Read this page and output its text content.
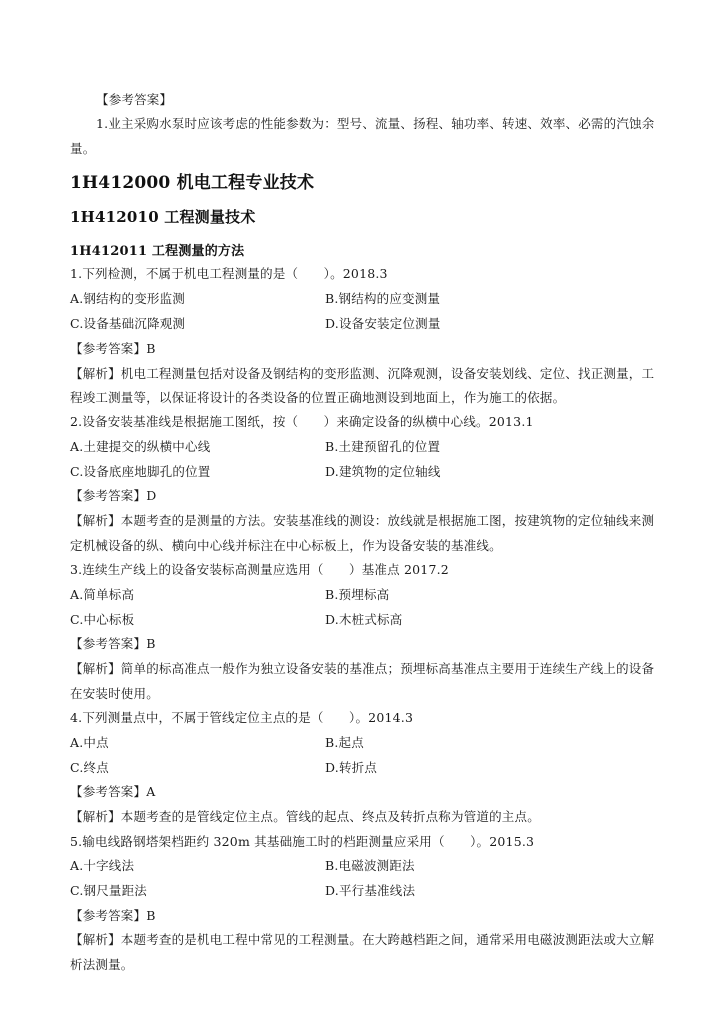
【参考答案】
1.业主采购水泵时应该考虑的性能参数为：型号、流量、扬程、轴功率、转速、效率、必需的汽蚀余
量。
1H412000 机电工程专业技术
1H412010 工程测量技术
1H412011 工程测量的方法
1.下列检测，不属于机电工程测量的是（　　）。2018.3
A.钢结构的变形监测	B.钢结构的应变测量
C.设备基础沉降观测	D.设备安装定位测量
【参考答案】B
【解析】机电工程测量包括对设备及钢结构的变形监测、沉降观测，设备安装划线、定位、找正测量，工
程竣工测量等，以保证将设计的各类设备的位置正确地测设到地面上，作为施工的依据。
2.设备安装基准线是根据施工图纸，按（　　）来确定设备的纵横中心线。2013.1
A.土建提交的纵横中心线	B.土建预留孔的位置
C.设备底座地脚孔的位置	D.建筑物的定位轴线
【参考答案】D
【解析】本题考查的是测量的方法。安装基准线的测设：放线就是根据施工图，按建筑物的定位轴线来测
定机械设备的纵、横向中心线并标注在中心标板上，作为设备安装的基准线。
3.连续生产线上的设备安装标高测量应选用（　　）基准点 2017.2
A.简单标高	B.预埋标高
C.中心标板	D.木桩式标高
【参考答案】B
【解析】简单的标高准点一般作为独立设备安装的基准点；预埋标高基准点主要用于连续生产线上的设备
在安装时使用。
4.下列测量点中，不属于管线定位主点的是（　　）。2014.3
A.中点	B.起点
C.终点	D.转折点
【参考答案】A
【解析】本题考查的是管线定位主点。管线的起点、终点及转折点称为管道的主点。
5.输电线路钢塔架档距约 320m 其基础施工时的档距测量应采用（　　）。2015.3
A.十字线法	B.电磁波测距法
C.钢尺量距法	D.平行基准线法
【参考答案】B
【解析】本题考查的是机电工程中常见的工程测量。在大跨越档距之间，通常采用电磁波测距法或大立解
析法测量。
